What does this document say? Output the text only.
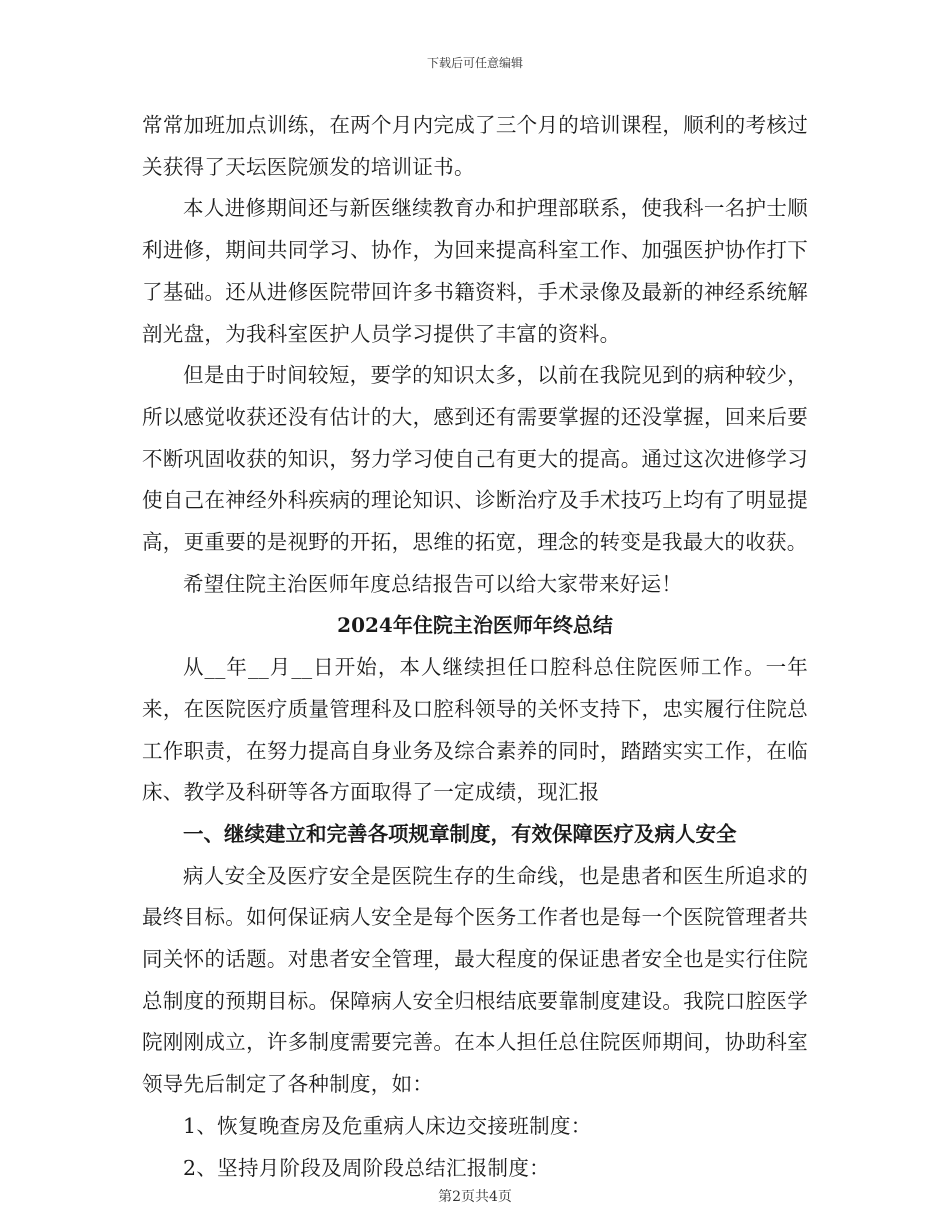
下载后可任意编辑

常常加班加点训练，在两个月内完成了三个月的培训课程，顺利的考核过关获得了天坛医院颁发的培训证书。

本人进修期间还与新医继续教育办和护理部联系，使我科一名护士顺利进修，期间共同学习、协作，为回来提高科室工作、加强医护协作打下了基础。还从进修医院带回许多书籍资料，手术录像及最新的神经系统解剖光盘，为我科室医护人员学习提供了丰富的资料。

但是由于时间较短，要学的知识太多，以前在我院见到的病种较少，所以感觉收获还没有估计的大，感到还有需要掌握的还没掌握，回来后要不断巩固收获的知识，努力学习使自己有更大的提高。通过这次进修学习使自己在神经外科疾病的理论知识、诊断治疗及手术技巧上均有了明显提高，更重要的是视野的开拓，思维的拓宽，理念的转变是我最大的收获。

希望住院主治医师年度总结报告可以给大家带来好运！

2024年住院主治医师年终总结

从__年__月__日开始，本人继续担任口腔科总住院医师工作。一年来，在医院医疗质量管理科及口腔科领导的关怀支持下，忠实履行住院总工作职责，在努力提高自身业务及综合素养的同时，踏踏实实工作，在临床、教学及科研等各方面取得了一定成绩，现汇报

一、继续建立和完善各项规章制度，有效保障医疗及病人安全

病人安全及医疗安全是医院生存的生命线，也是患者和医生所追求的最终目标。如何保证病人安全是每个医务工作者也是每一个医院管理者共同关怀的话题。对患者安全管理，最大程度的保证患者安全也是实行住院总制度的预期目标。保障病人安全归根结底要靠制度建设。我院口腔医学院刚刚成立，许多制度需要完善。在本人担任总住院医师期间，协助科室领导先后制定了各种制度，如：

1、恢复晚查房及危重病人床边交接班制度：

2、坚持月阶段及周阶段总结汇报制度：

第2页共4页
